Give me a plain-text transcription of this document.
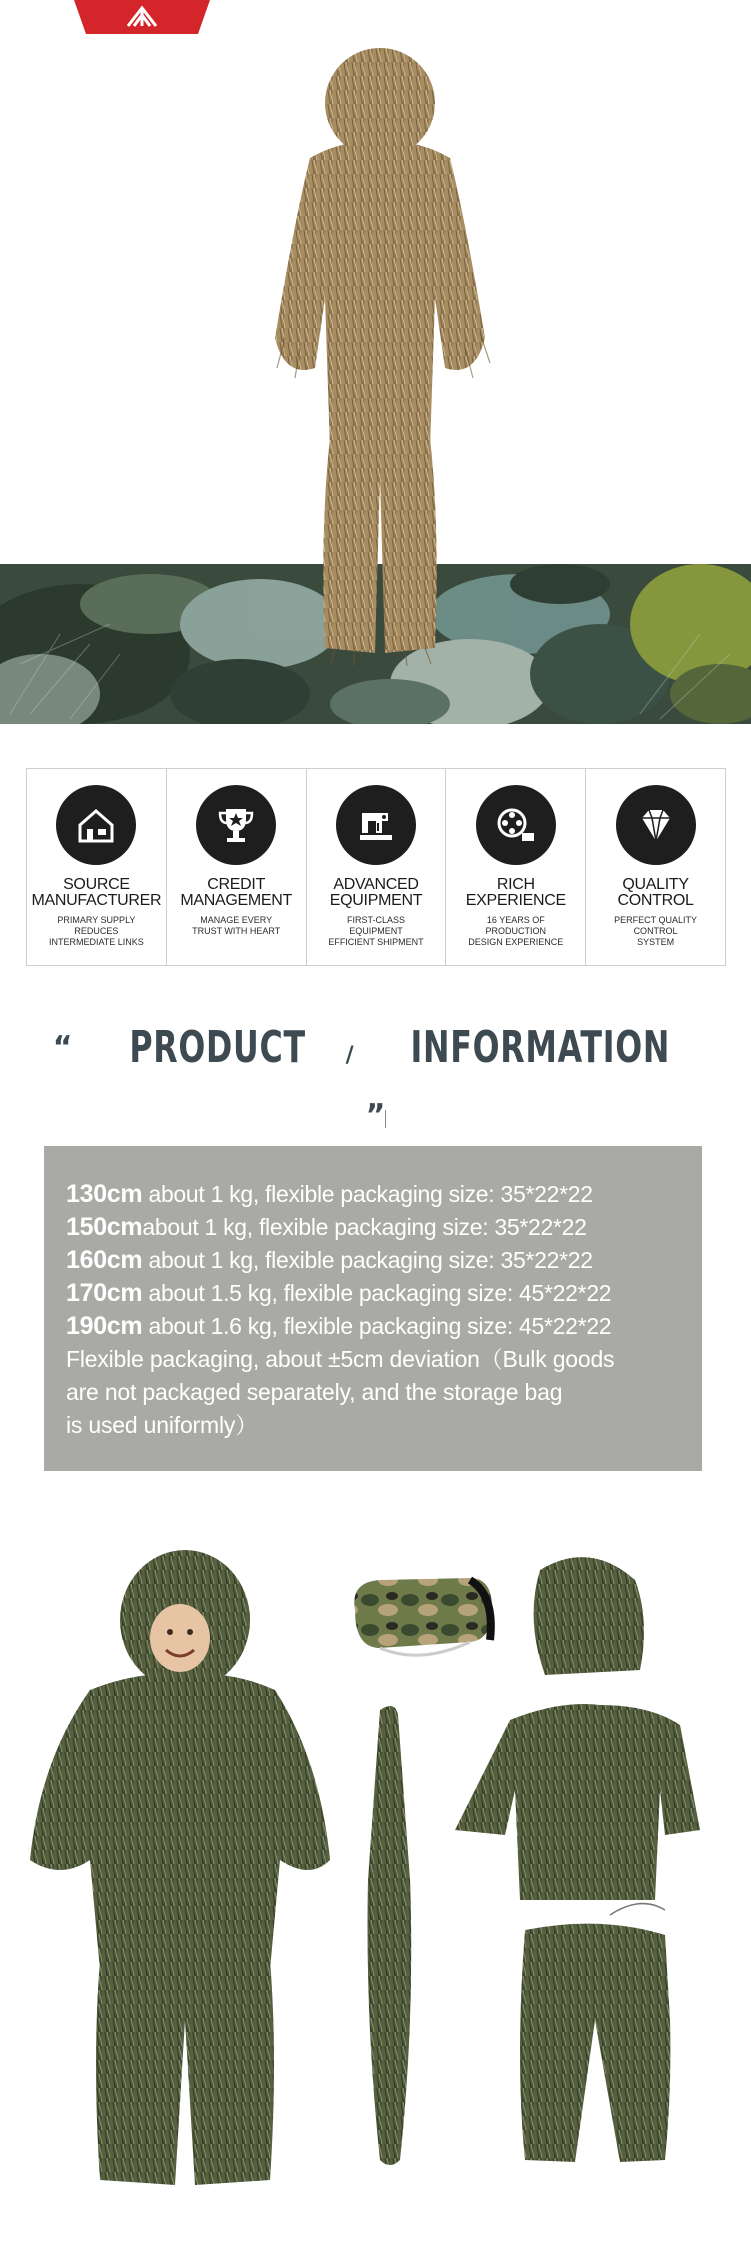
SOURCE
MANUFACTURER
PRIMARY SUPPLY
REDUCES
INTERMEDIATE LINKS
CREDIT
MANAGEMENT
MANAGE EVERY
TRUST WITH HEART
ADVANCED
EQUIPMENT
FIRST-CLASS
EQUIPMENT
EFFICIENT SHIPMENT
RICH
EXPERIENCE
16 YEARS OF PRODUCTION
DESIGN EXPERIENCE
QUALITY
CONTROL
PERFECT QUALITY
CONTROL
SYSTEM
“ PRODUCT / INFORMATION”
130cm about 1 kg, flexible packaging size: 35*22*22
150cmabout 1 kg, flexible packaging size: 35*22*22
160cm about 1 kg, flexible packaging size: 35*22*22
170cm about 1.5 kg, flexible packaging size: 45*22*22
190cm about 1.6 kg, flexible packaging size: 45*22*22
Flexible packaging, about ±5cm deviation（Bulk goods
are not packaged separately, and the storage bag
is used uniformly）
